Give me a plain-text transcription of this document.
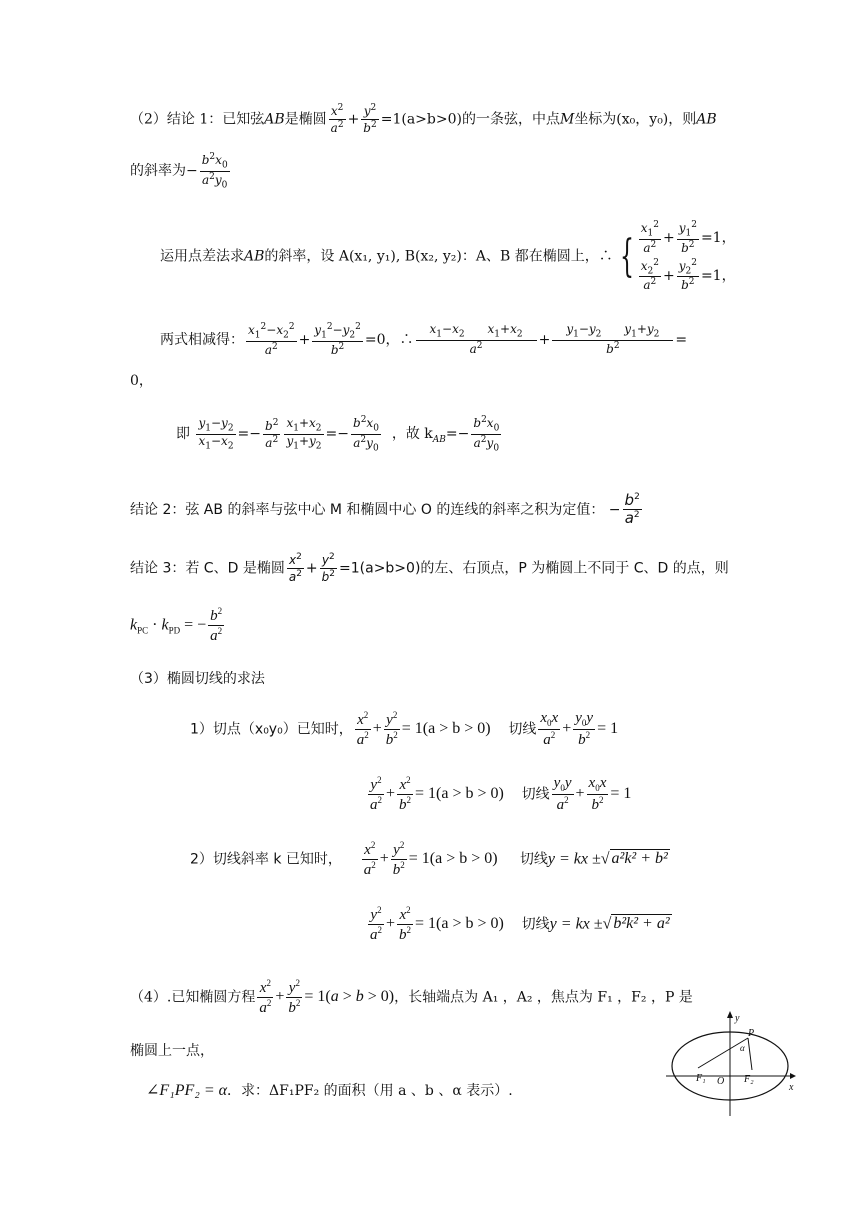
（2）结论 1：已知弦AB是椭圆 $\frac{x^2}{a^2} + \frac{y^2}{b^2} =1(a>b>0)$的一条弦，中点M坐标为(x₀，y₀)，则AB
的斜率为− $\frac{b^2x_0}{a^2y_0}$
运用点差法求AB的斜率，设 A(x₁, y₁), B(x₂, y₂)：A、B 都在椭圆上，∴ { $\frac{x_1^2}{a^2} + \frac{y_1^2}{b^2} =1$，
$\frac{x_2^2}{a^2} + \frac{y_2^2}{b^2} =1$，
两式相减得： $\frac{x_1^2-x_2^2}{a^2} + \frac{y_1^2-y_2^2}{b^2} =0$，∴ $\frac{x_1-x_2 x_1+x_2}{a^2} + \frac{y_1-y_2 y_1+y_2}{b^2}$ =
0，
即 $\frac{y_1-y_2}{x_1-x_2} =- \frac{b^2}{a^2} \frac{x_1+x_2}{y_1+y_2} =- \frac{b^2x_0}{a^2y_0}$ ，故 $k_{AB}=- \frac{b^2x_0}{a^2y_0}$
结论 2：弦 AB 的斜率与弦中心 M 和椭圆中心 O 的连线的斜率之积为定值： − $\frac{b^2}{a^2}$
结论 3：若 C、D 是椭圆 $\frac{x^2}{a^2} + \frac{y^2}{b^2} =1(a>b>0)$的左、右顶点，P 为椭圆上不同于 C、D 的点，则
$k_{PC} \cdot k_{PD}$ = − $\frac{b^2}{a^2}$
（3）椭圆切线的求法
1）切点（x₀y₀）已知时， $\frac{x^2}{a^2} + \frac{y^2}{b^2} = 1(a > b > 0)$ 切线 $\frac{x_0x}{a^2} + \frac{y_0y}{b^2} = 1$
$\frac{y^2}{a^2} + \frac{x^2}{b^2} = 1(a > b > 0)$ 切线 $\frac{y_0y}{a^2} + \frac{x_0x}{b^2} = 1$
2）切线斜率 k 已知时， $\frac{x^2}{a^2} + \frac{y^2}{b^2} = 1(a > b > 0)$ 切线y = kx ±√ a²k² + b²
$\frac{y^2}{a^2} + \frac{x^2}{b^2} = 1(a > b > 0)$ 切线y = kx ±√ b²k² + a²
（4）.已知椭圆方程 $\frac{x^2}{a^2} + \frac{y^2}{b^2} = 1(a > b > 0)$，长轴端点为 A₁ ，A₂ ，焦点为 F₁ ，F₂ ，P 是
椭圆上一点，
∠F₁PF₂ = α．求：ΔF₁PF₂ 的面积（用 a 、b 、α 表示）.
y
x
P
α
F₁ O F₂
